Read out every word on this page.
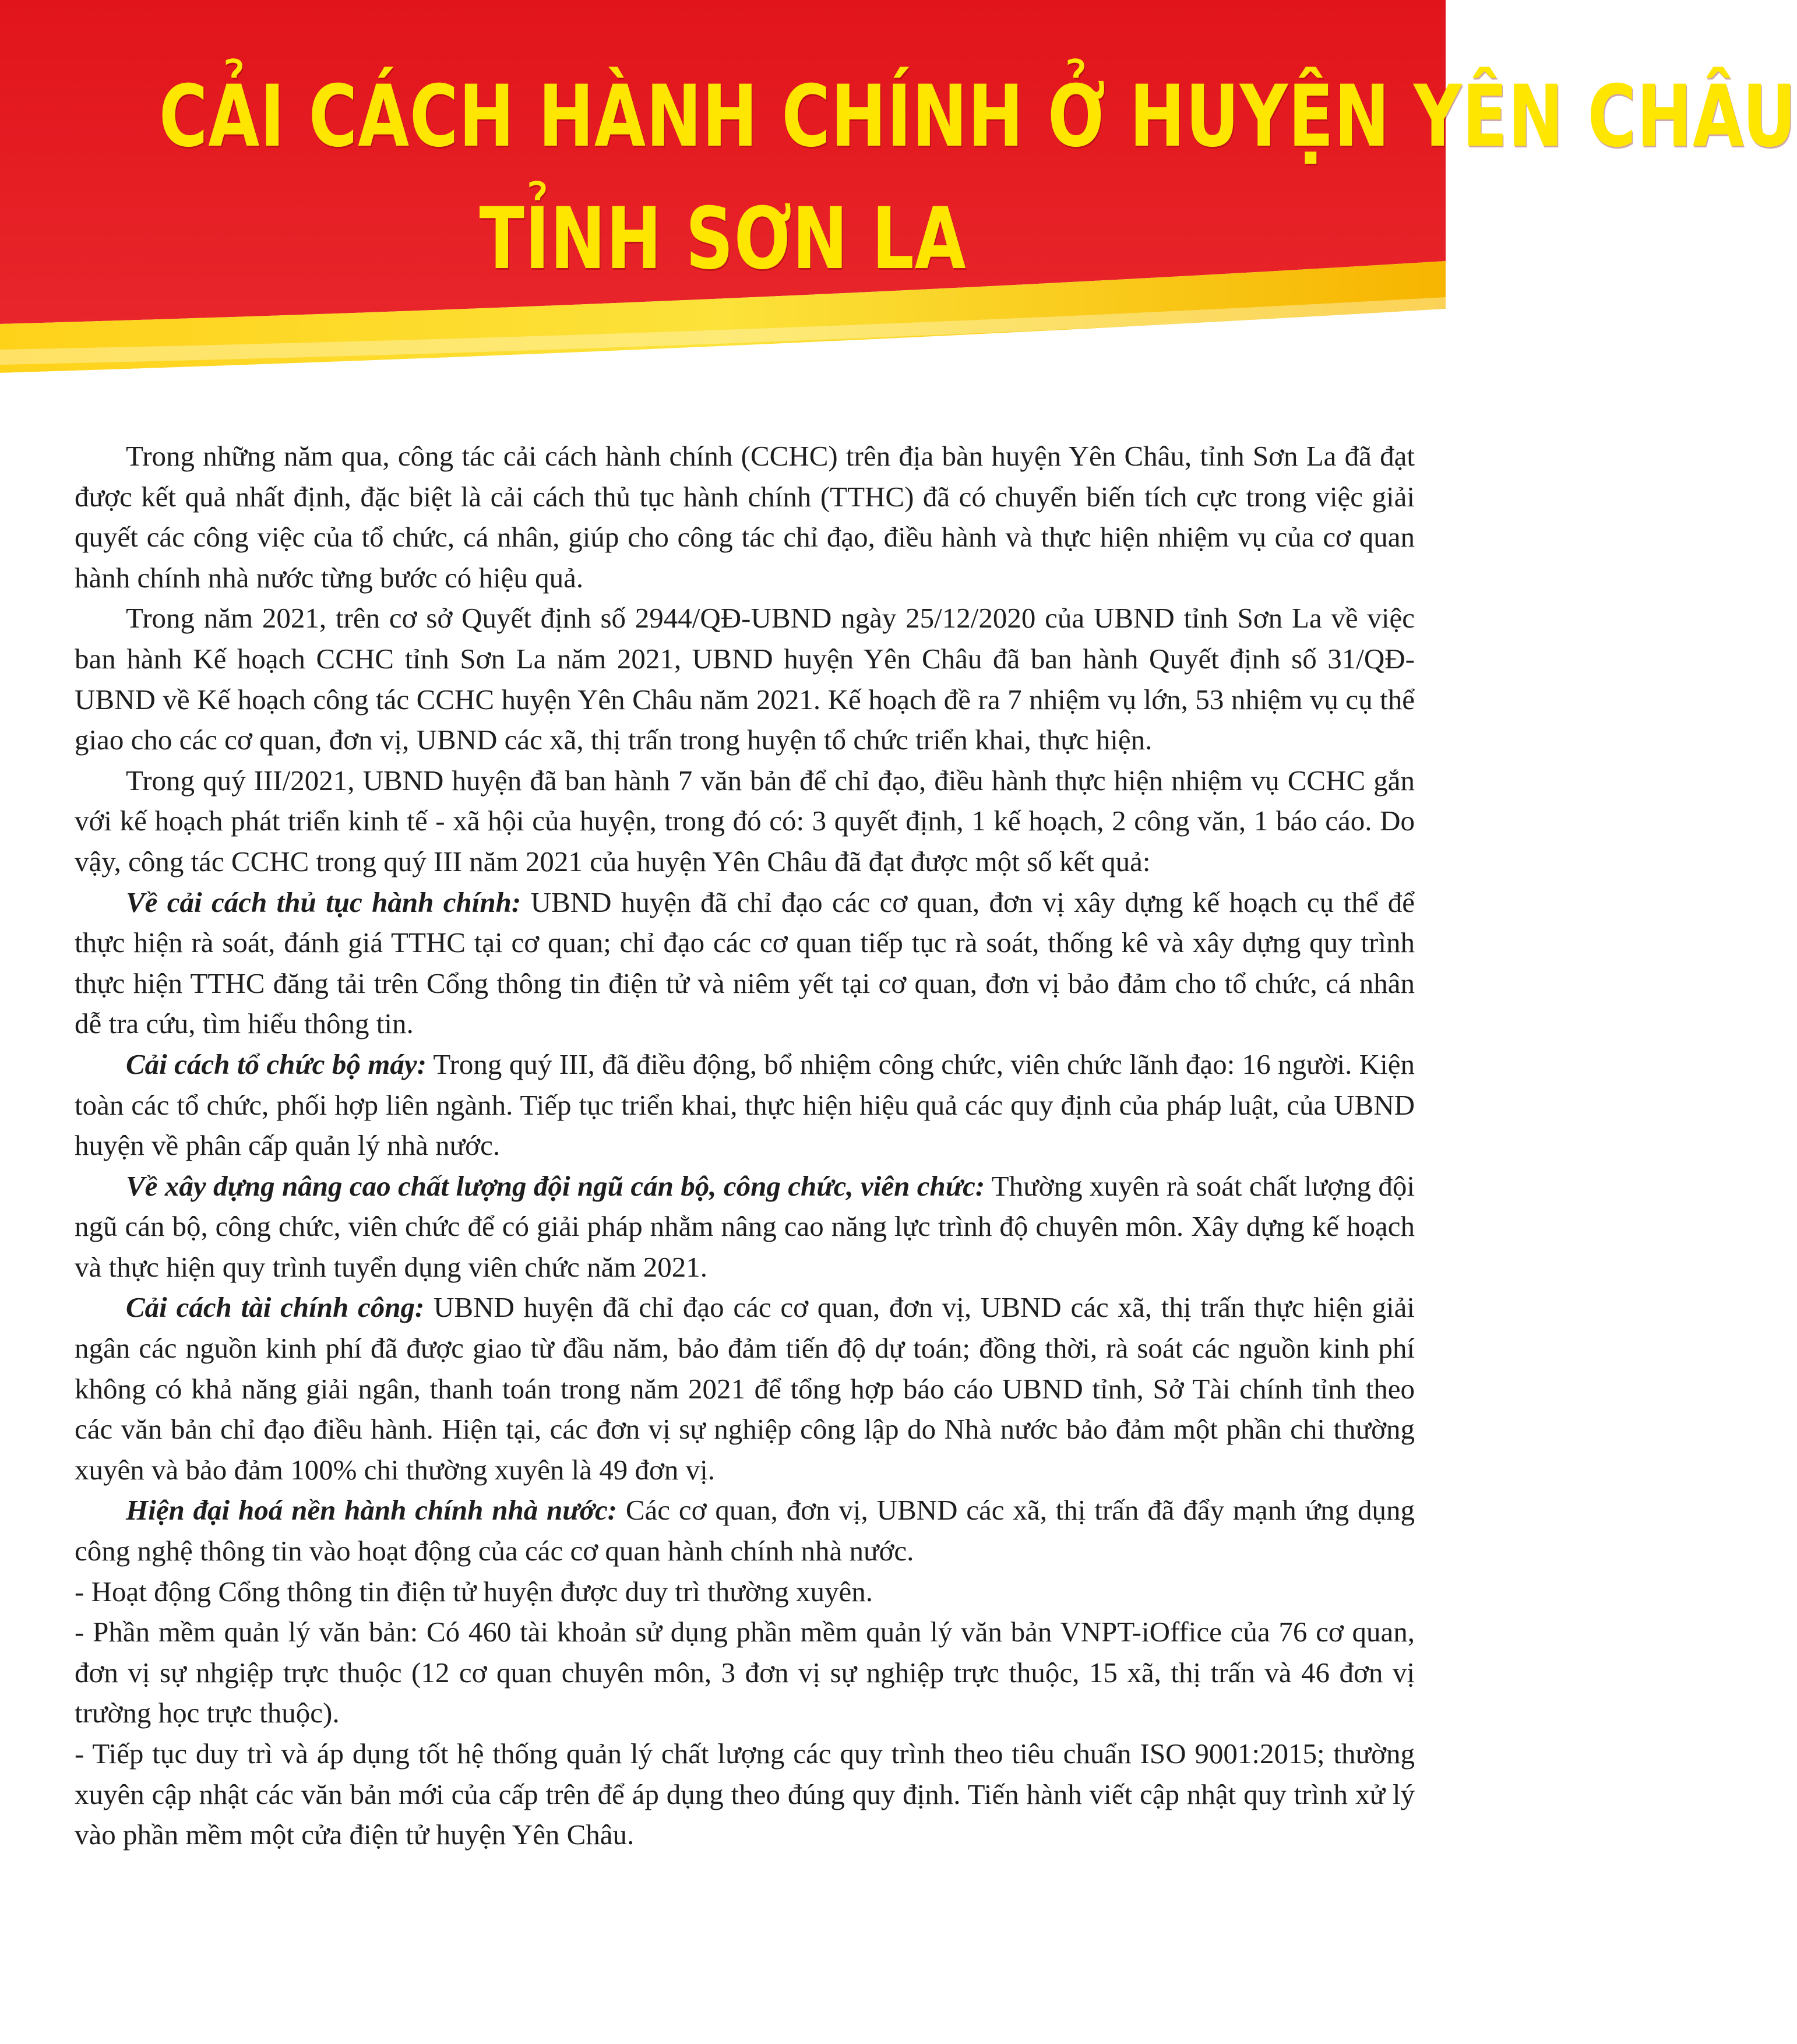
CẢI CÁCH HÀNH CHÍNH Ở HUYỆN YÊN CHÂU
TỈNH SƠN LA

Trong những năm qua, công tác cải cách hành chính (CCHC) trên địa bàn huyện Yên Châu, tỉnh Sơn La đã đạt được kết quả nhất định, đặc biệt là cải cách thủ tục hành chính (TTHC) đã có chuyển biến tích cực trong việc giải quyết các công việc của tổ chức, cá nhân, giúp cho công tác chỉ đạo, điều hành và thực hiện nhiệm vụ của cơ quan hành chính nhà nước từng bước có hiệu quả.

Trong năm 2021, trên cơ sở Quyết định số 2944/QĐ-UBND ngày 25/12/2020 của UBND tỉnh Sơn La về việc ban hành Kế hoạch CCHC tỉnh Sơn La năm 2021, UBND huyện Yên Châu đã ban hành Quyết định số 31/QĐ-UBND về Kế hoạch công tác CCHC huyện Yên Châu năm 2021. Kế hoạch đề ra 7 nhiệm vụ lớn, 53 nhiệm vụ cụ thể giao cho các cơ quan, đơn vị, UBND các xã, thị trấn trong huyện tổ chức triển khai, thực hiện.

Trong quý III/2021, UBND huyện đã ban hành 7 văn bản để chỉ đạo, điều hành thực hiện nhiệm vụ CCHC gắn với kế hoạch phát triển kinh tế - xã hội của huyện, trong đó có: 3 quyết định, 1 kế hoạch, 2 công văn, 1 báo cáo. Do vậy, công tác CCHC trong quý III năm 2021 của huyện Yên Châu đã đạt được một số kết quả:

Về cải cách thủ tục hành chính: UBND huyện đã chỉ đạo các cơ quan, đơn vị xây dựng kế hoạch cụ thể để thực hiện rà soát, đánh giá TTHC tại cơ quan; chỉ đạo các cơ quan tiếp tục rà soát, thống kê và xây dựng quy trình thực hiện TTHC đăng tải trên Cổng thông tin điện tử và niêm yết tại cơ quan, đơn vị bảo đảm cho tổ chức, cá nhân dễ tra cứu, tìm hiểu thông tin.

Cải cách tổ chức bộ máy: Trong quý III, đã điều động, bổ nhiệm công chức, viên chức lãnh đạo: 16 người. Kiện toàn các tổ chức, phối hợp liên ngành. Tiếp tục triển khai, thực hiện hiệu quả các quy định của pháp luật, của UBND huyện về phân cấp quản lý nhà nước.

Về xây dựng nâng cao chất lượng đội ngũ cán bộ, công chức, viên chức: Thường xuyên rà soát chất lượng đội ngũ cán bộ, công chức, viên chức để có giải pháp nhằm nâng cao năng lực trình độ chuyên môn. Xây dựng kế hoạch và thực hiện quy trình tuyển dụng viên chức năm 2021.

Cải cách tài chính công: UBND huyện đã chỉ đạo các cơ quan, đơn vị, UBND các xã, thị trấn thực hiện giải ngân các nguồn kinh phí đã được giao từ đầu năm, bảo đảm tiến độ dự toán; đồng thời, rà soát các nguồn kinh phí không có khả năng giải ngân, thanh toán trong năm 2021 để tổng hợp báo cáo UBND tỉnh, Sở Tài chính tỉnh theo các văn bản chỉ đạo điều hành. Hiện tại, các đơn vị sự nghiệp công lập do Nhà nước bảo đảm một phần chi thường xuyên và bảo đảm 100% chi thường xuyên là 49 đơn vị.

Hiện đại hoá nền hành chính nhà nước: Các cơ quan, đơn vị, UBND các xã, thị trấn đã đẩy mạnh ứng dụng công nghệ thông tin vào hoạt động của các cơ quan hành chính nhà nước.

- Hoạt động Cổng thông tin điện tử huyện được duy trì thường xuyên.

- Phần mềm quản lý văn bản: Có 460 tài khoản sử dụng phần mềm quản lý văn bản VNPT-iOffice của 76 cơ quan, đơn vị sự nhgiệp trực thuộc (12 cơ quan chuyên môn, 3 đơn vị sự nghiệp trực thuộc, 15 xã, thị trấn và 46 đơn vị trường học trực thuộc).

- Tiếp tục duy trì và áp dụng tốt hệ thống quản lý chất lượng các quy trình theo tiêu chuẩn ISO 9001:2015; thường xuyên cập nhật các văn bản mới của cấp trên để áp dụng theo đúng quy định. Tiến hành viết cập nhật quy trình xử lý vào phần mềm một cửa điện tử huyện Yên Châu.
